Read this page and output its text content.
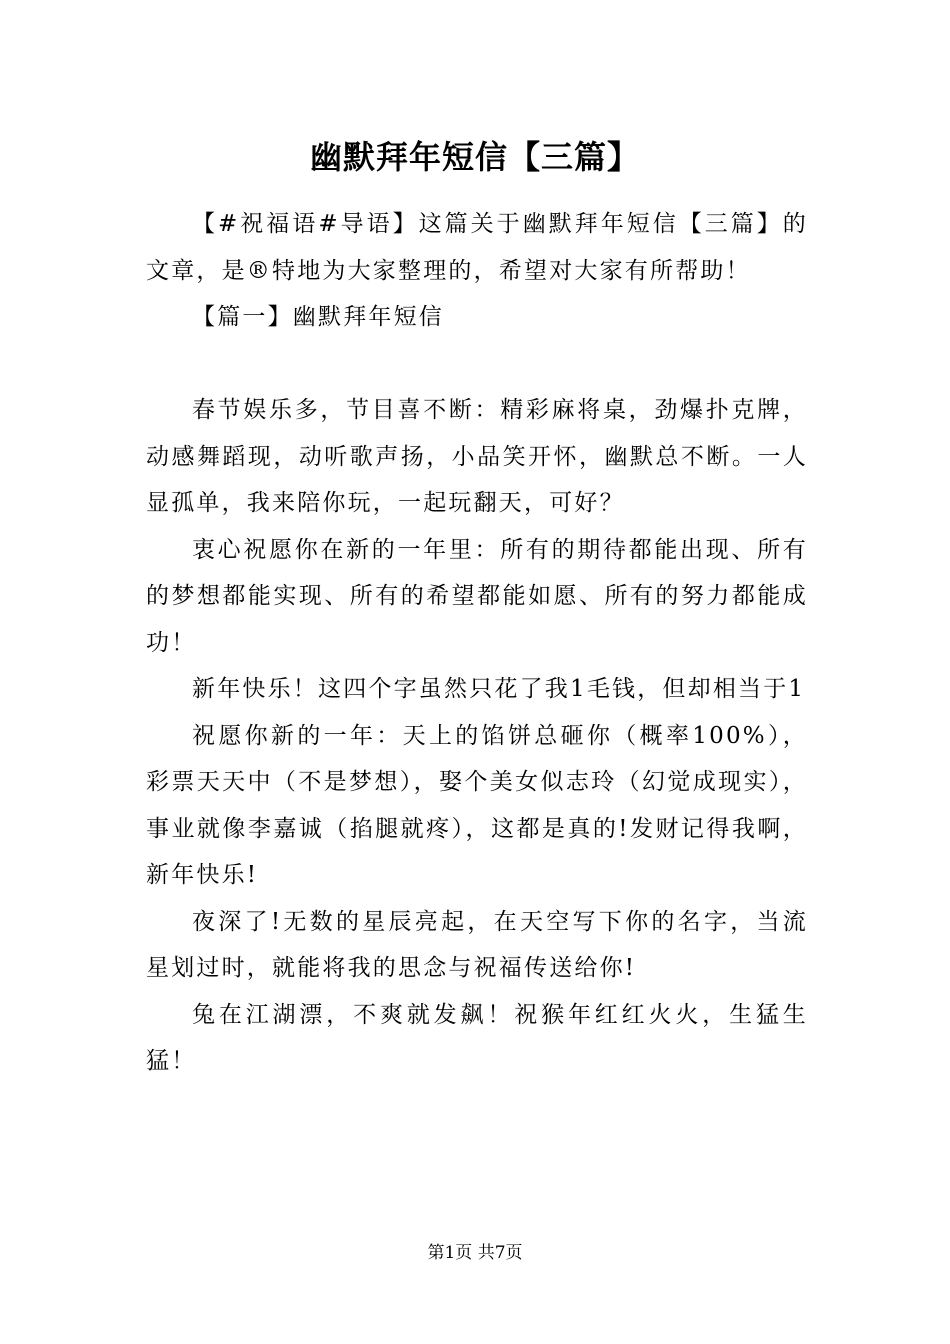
幽默拜年短信【三篇】

【#祝福语#导语】这篇关于幽默拜年短信【三篇】的文章，是®特地为大家整理的，希望对大家有所帮助！

【篇一】幽默拜年短信

春节娱乐多，节目喜不断：精彩麻将桌，劲爆扑克牌，动感舞蹈现，动听歌声扬，小品笑开怀，幽默总不断。一人显孤单，我来陪你玩，一起玩翻天，可好？

衷心祝愿你在新的一年里：所有的期待都能出现、所有的梦想都能实现、所有的希望都能如愿、所有的努力都能成功！

新年快乐！这四个字虽然只花了我1毛钱，但却相当于1

祝愿你新的一年：天上的馅饼总砸你（概率100%），彩票天天中（不是梦想），娶个美女似志玲（幻觉成现实），事业就像李嘉诚（掐腿就疼），这都是真的!发财记得我啊，新年快乐!

夜深了!无数的星辰亮起，在天空写下你的名字，当流星划过时，就能将我的思念与祝福传送给你!

兔在江湖漂，不爽就发飙！祝猴年红红火火，生猛生猛！

第1页 共7页
